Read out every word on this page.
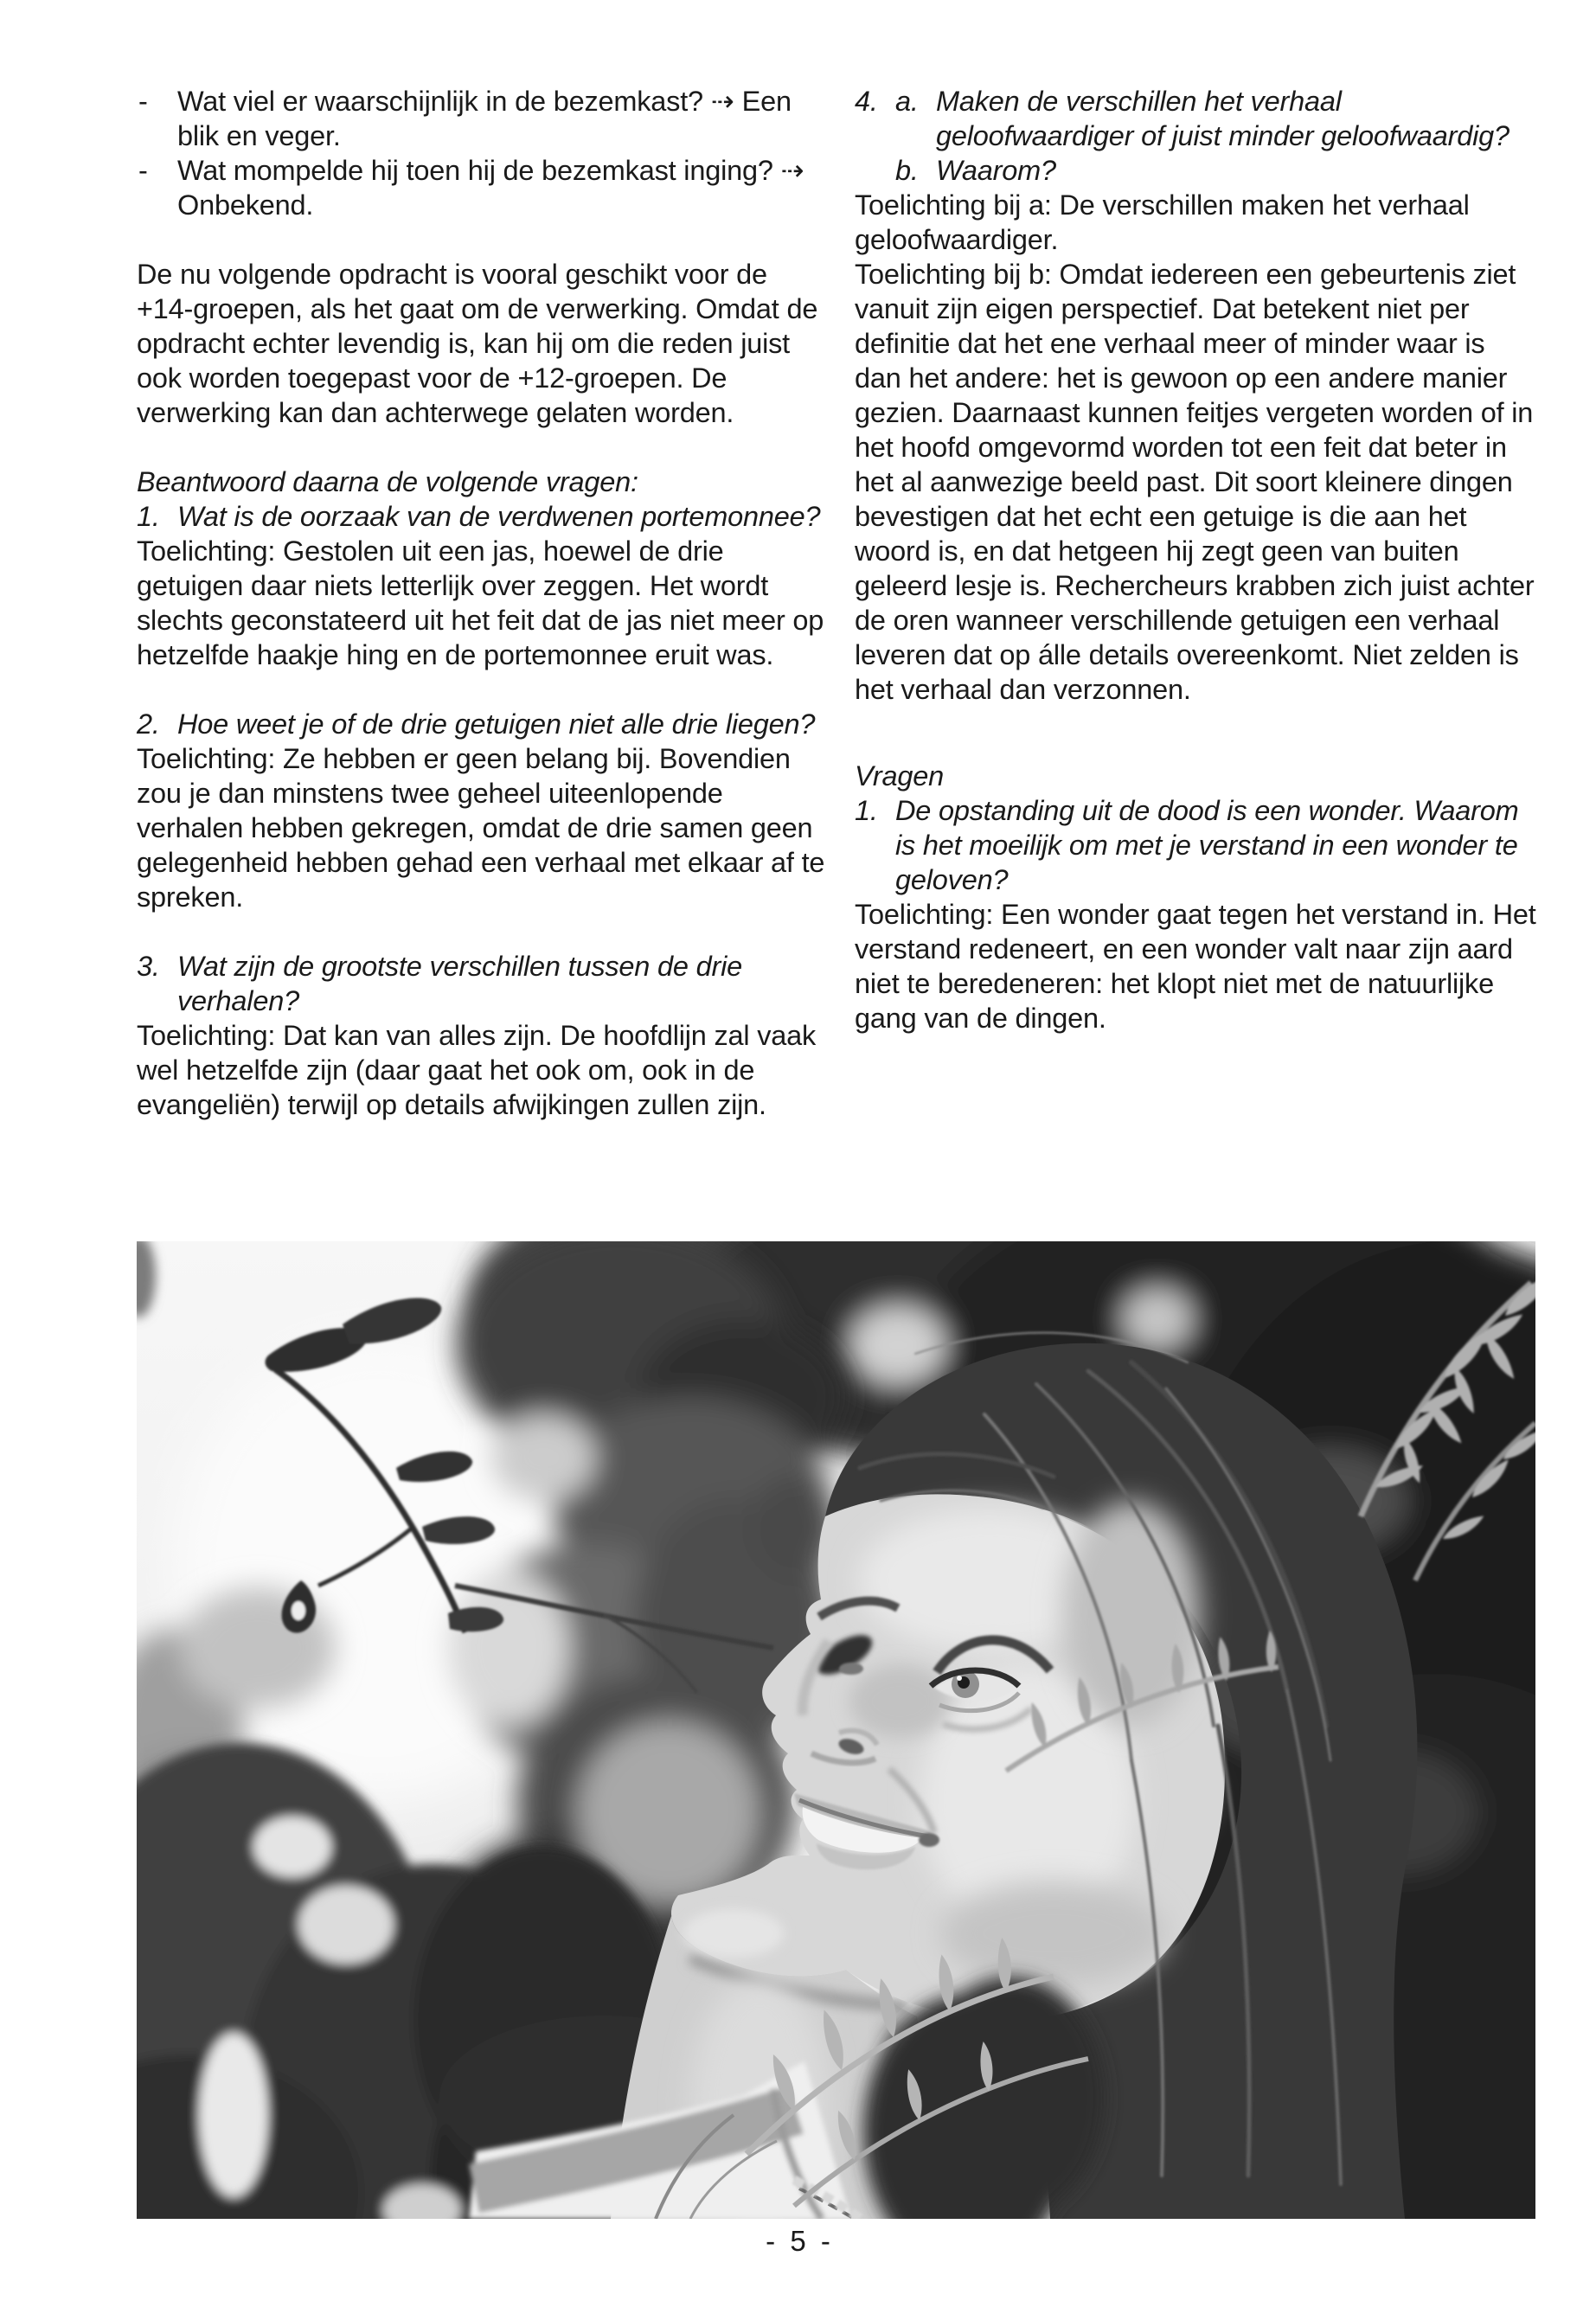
- Wat viel er waarschijnlijk in de bezemkast? ⇢ Een blik en veger.
- Wat mompelde hij toen hij de bezemkast inging? ⇢ Onbekend.

De nu volgende opdracht is vooral geschikt voor de +14-groepen, als het gaat om de verwerking. Omdat de opdracht echter levendig is, kan hij om die reden juist ook worden toegepast voor de +12-groepen. De verwerking kan dan achterwege gelaten worden.

Beantwoord daarna de volgende vragen:

1. Wat is de oorzaak van de verdwenen portemonnee?

Toelichting: Gestolen uit een jas, hoewel de drie getuigen daar niets letterlijk over zeggen. Het wordt slechts geconstateerd uit het feit dat de jas niet meer op hetzelfde haakje hing en de portemonnee eruit was.

2. Hoe weet je of de drie getuigen niet alle drie liegen?

Toelichting: Ze hebben er geen belang bij. Bovendien zou je dan minstens twee geheel uiteenlopende verhalen hebben gekregen, omdat de drie samen geen gelegenheid hebben gehad een verhaal met elkaar af te spreken.

3. Wat zijn de grootste verschillen tussen de drie verhalen?

Toelichting: Dat kan van alles zijn. De hoofdlijn zal vaak wel hetzelfde zijn (daar gaat het ook om, ook in de evangeliën) terwijl op details afwijkingen zullen zijn.

4. a. Maken de verschillen het verhaal geloofwaardiger of juist minder geloofwaardig?
b. Waarom?

Toelichting bij a: De verschillen maken het verhaal geloofwaardiger.

Toelichting bij b: Omdat iedereen een gebeurtenis ziet vanuit zijn eigen perspectief. Dat betekent niet per definitie dat het ene verhaal meer of minder waar is dan het andere: het is gewoon op een andere manier gezien. Daarnaast kunnen feitjes vergeten worden of in het hoofd omgevormd worden tot een feit dat beter in het al aanwezige beeld past. Dit soort kleinere dingen bevestigen dat het echt een getuige is die aan het woord is, en dat hetgeen hij zegt geen van buiten geleerd lesje is. Rechercheurs krabben zich juist achter de oren wanneer verschillende getuigen een verhaal leveren dat op álle details overeenkomt. Niet zelden is het verhaal dan verzonnen.

Vragen

1. De opstanding uit de dood is een wonder. Waarom is het moeilijk om met je verstand in een wonder te geloven?

Toelichting: Een wonder gaat tegen het verstand in. Het verstand redeneert, en een wonder valt naar zijn aard niet te beredeneren: het klopt niet met de natuurlijke gang van de dingen.

- 5 -
